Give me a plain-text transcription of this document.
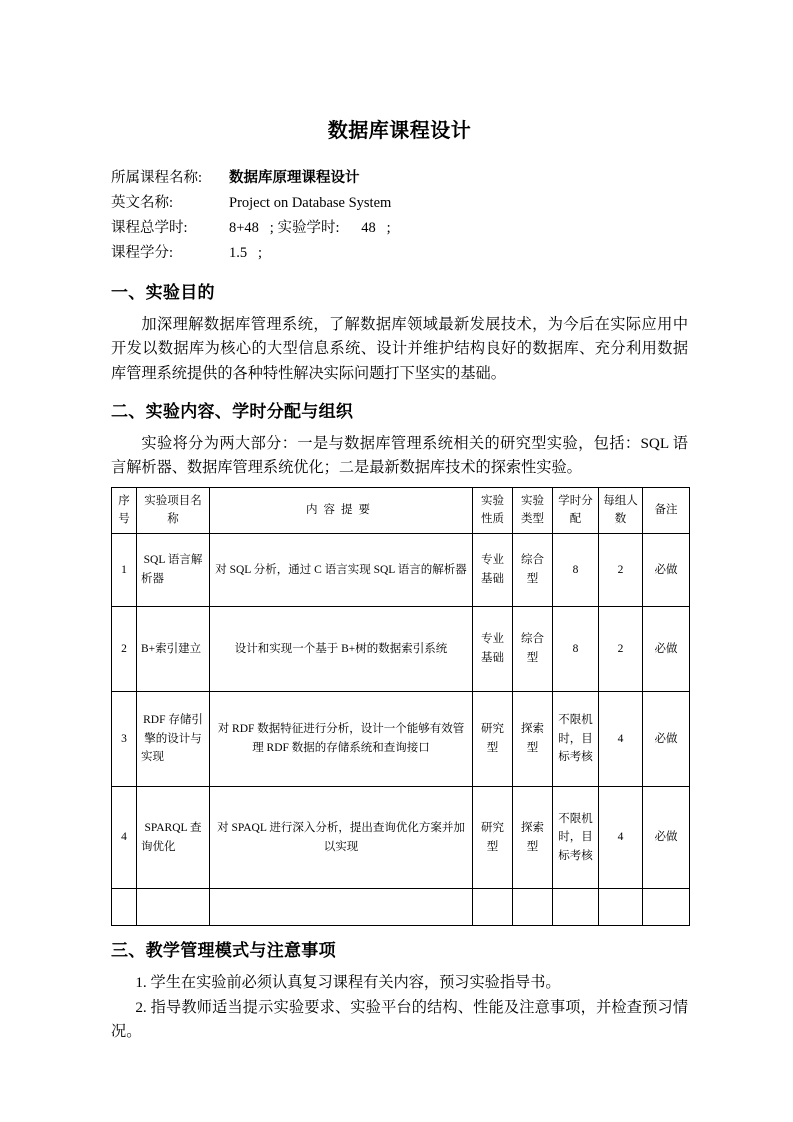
数据库课程设计
所属课程名称:	数据库原理课程设计
英文名称:	Project on Database System
课程总学时:	8+48   ; 实验学时:      48   ;
课程学分:	1.5   ;
一、实验目的

加深理解数据库管理系统，了解数据库领域最新发展技术，为今后在实际应用中开发以数据库为核心的大型信息系统、设计并维护结构良好的数据库、充分利用数据库管理系统提供的各种特性解决实际问题打下坚实的基础。

二、实验内容、学时分配与组织

实验将分为两大部分：一是与数据库管理系统相关的研究型实验，包括：SQL 语言解析器、数据库管理系统优化；二是最新数据库技术的探索性实验。

序号	实验项目名称	内容提要	实验性质	实验类型	学时分配	每组人数	备注
1	SQL 语言解析器	对 SQL 分析，通过 C 语言实现 SQL 语言的解析器	专业基础	综合型	8	2	必做
2	B+索引建立	设计和实现一个基于 B+树的数据索引系统	专业基础	综合型	8	2	必做
3	RDF 存储引擎的设计与实现	对 RDF 数据特征进行分析，设计一个能够有效管理 RDF 数据的存储系统和查询接口	研究型	探索型	不限机时，目标考核	4	必做
4	SPARQL 查询优化	对 SPAQL 进行深入分析，提出查询优化方案并加以实现	研究型	探索型	不限机时，目标考核	4	必做

三、教学管理模式与注意事项

1. 学生在实验前必须认真复习课程有关内容，预习实验指导书。

2. 指导教师适当提示实验要求、实验平台的结构、性能及注意事项，并检查预习情况。
